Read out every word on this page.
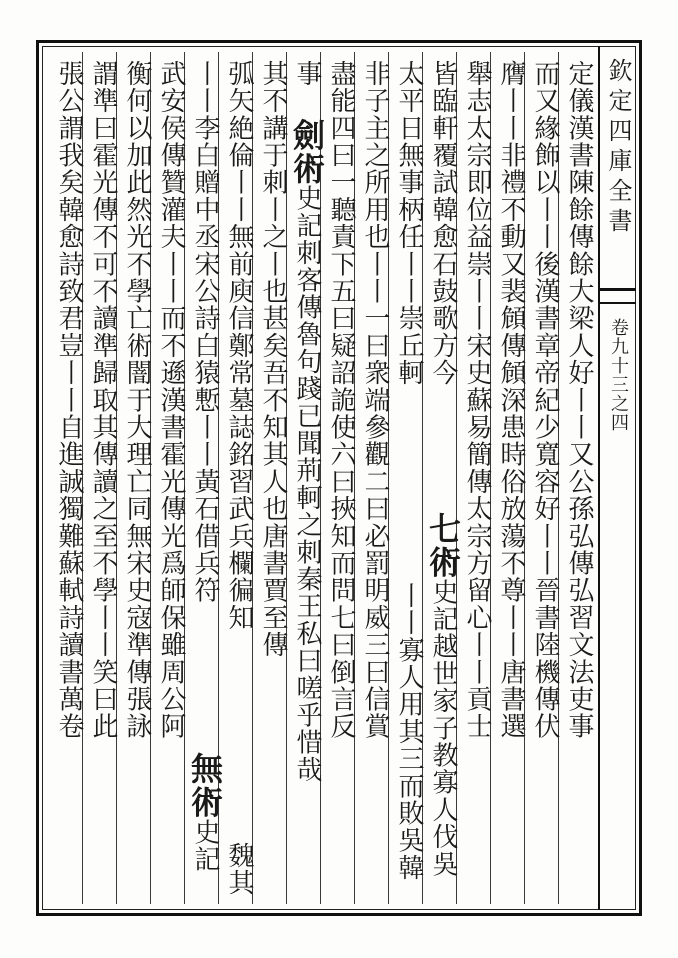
欽定四庫全書
卷九十三之四
定儀漢書陳餘傳餘大梁人好丨丨又公孫弘傳弘習文法吏事
而又緣飾以丨丨後漢書章帝紀少寬容好丨丨晉書陸機傳伏
膺丨丨非禮不動又裴頠傳頠深患時俗放蕩不尊丨丨唐書選
舉志太宗即位益崇丨丨宋史蘇易簡傳太宗方留心丨丨貢士
皆臨軒覆試韓愈石鼓歌方今
太平日無事柄任丨丨崇丘軻
七術史記越世家子教寡人伐吳
丨丨寡人用其三而敗吳韓
非子主之所用也丨丨一曰衆端參觀二曰必罰明威三曰信賞
盡能四曰一聽責下五曰疑詔詭使六曰挾知而問七曰倒言反
事 劍術史記刺客傳魯句踐已聞荊軻之刺秦王私曰嗟乎惜哉
其不講于刺丨之丨也甚矣吾不知其人也唐書賈至傳
弧矢絶倫丨丨無前庾信鄭常墓誌銘習武兵欄徧知
丨丨李白贈中丞宋公詩白猿慙丨丨黃石借兵符
無術史記 魏其
武安侯傳贊灌夫丨丨而不遜漢書霍光傳光爲師保雖周公阿
衡何以加此然光不學亡術闇于大理亡同無宋史寇準傳張詠
謂準曰霍光傳不可不讀準歸取其傳讀之至不學丨丨笑曰此
張公謂我矣韓愈詩致君豈丨丨自進誠獨難蘇軾詩讀書萬卷
